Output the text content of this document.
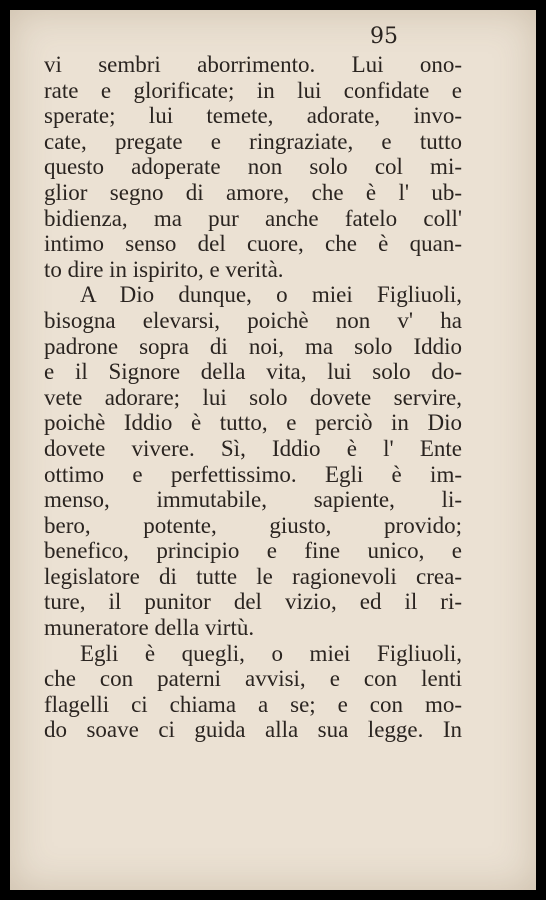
95

vi sembri aborrimento. Lui ono-
rate e glorificate; in lui confidate e
sperate; lui temete, adorate, invo-
cate, pregate e ringraziate, e tutto
questo adoperate non solo col mi-
glior segno di amore, che è l' ub-
bidienza, ma pur anche fatelo coll'
intimo senso del cuore, che è quan-
to dire in ispirito, e verità.
A Dio dunque, o miei Figliuoli,
bisogna elevarsi, poichè non v' ha
padrone sopra di noi, ma solo Iddio
e il Signore della vita, lui solo do-
vete adorare; lui solo dovete servire,
poichè Iddio è tutto, e perciò in Dio
dovete vivere. Sì, Iddio è l' Ente
ottimo e perfettissimo. Egli è im-
menso, immutabile, sapiente, li-
bero, potente, giusto, provido;
benefico, principio e fine unico, e
legislatore di tutte le ragionevoli crea-
ture, il punitor del vizio, ed il ri-
muneratore della virtù.
Egli è quegli, o miei Figliuoli,
che con paterni avvisi, e con lenti
flagelli ci chiama a se; e con mo-
do soave ci guida alla sua legge. In
